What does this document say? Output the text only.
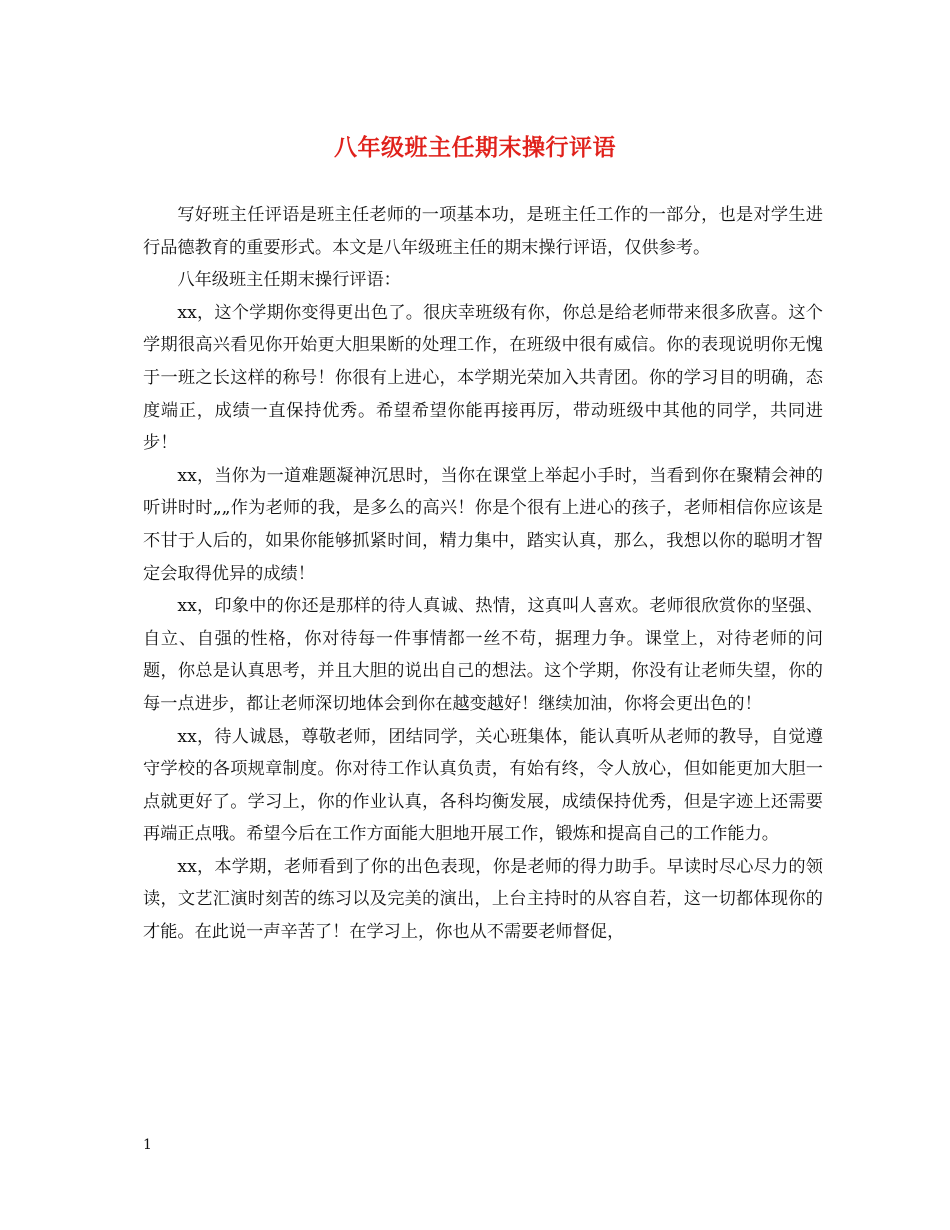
八年级班主任期末操行评语

写好班主任评语是班主任老师的一项基本功，是班主任工作的一部分，也是对学生进行品德教育的重要形式。本文是八年级班主任的期末操行评语，仅供参考。

八年级班主任期末操行评语：

xx，这个学期你变得更出色了。很庆幸班级有你，你总是给老师带来很多欣喜。这个学期很高兴看见你开始更大胆果断的处理工作，在班级中很有威信。你的表现说明你无愧于一班之长这样的称号！你很有上进心，本学期光荣加入共青团。你的学习目的明确，态度端正，成绩一直保持优秀。希望希望你能再接再厉，带动班级中其他的同学，共同进步！

xx，当你为一道难题凝神沉思时，当你在课堂上举起小手时，当看到你在聚精会神的听讲时时„„作为老师的我，是多么的高兴！你是个很有上进心的孩子，老师相信你应该是不甘于人后的，如果你能够抓紧时间，精力集中，踏实认真，那么，我想以你的聪明才智定会取得优异的成绩！

xx，印象中的你还是那样的待人真诚、热情，这真叫人喜欢。老师很欣赏你的坚强、自立、自强的性格，你对待每一件事情都一丝不苟，据理力争。课堂上，对待老师的问题，你总是认真思考，并且大胆的说出自己的想法。这个学期，你没有让老师失望，你的每一点进步，都让老师深切地体会到你在越变越好！继续加油，你将会更出色的！

xx，待人诚恳，尊敬老师，团结同学，关心班集体，能认真听从老师的教导，自觉遵守学校的各项规章制度。你对待工作认真负责，有始有终，令人放心，但如能更加大胆一点就更好了。学习上，你的作业认真，各科均衡发展，成绩保持优秀，但是字迹上还需要再端正点哦。希望今后在工作方面能大胆地开展工作，锻炼和提高自己的工作能力。

xx，本学期，老师看到了你的出色表现，你是老师的得力助手。早读时尽心尽力的领读，文艺汇演时刻苦的练习以及完美的演出，上台主持时的从容自若，这一切都体现你的才能。在此说一声辛苦了！在学习上，你也从不需要老师督促，

1
